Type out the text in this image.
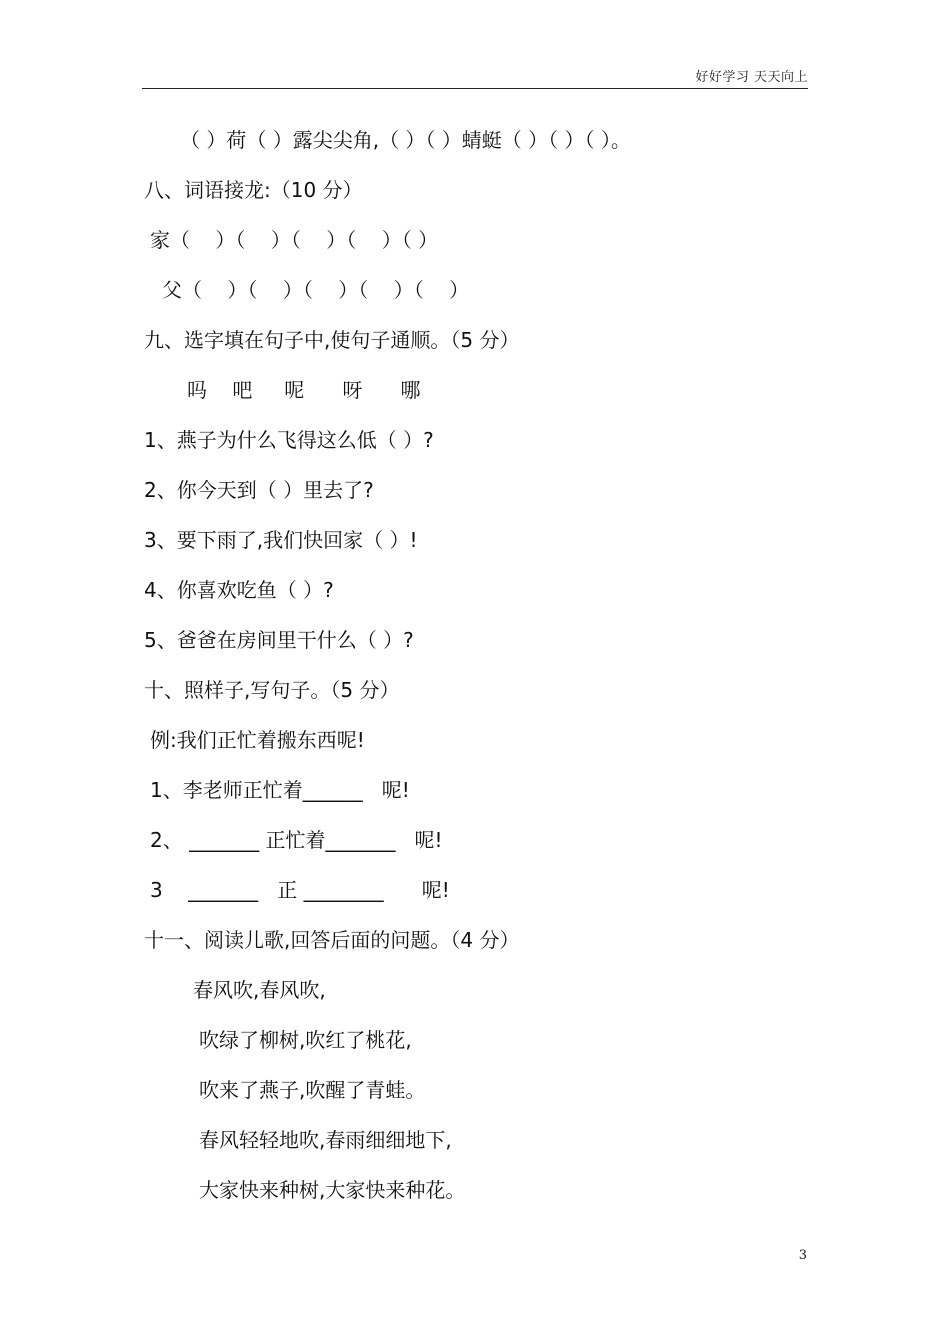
好好学习 天天向上
（ ）荷（ ）露尖尖角,（ ）（ ）蜻蜓（ ）（ ）（ ）。
八、词语接龙:（10 分）
家（    ）（    ）（    ）（    ）（ ）
父（    ）（    ）（    ）（    ）（    ）
九、选字填在句子中,使句子通顺。（5 分）
吗    吧     呢      呀      哪
1、燕子为什么飞得这么低（ ）?
2、你今天到（ ）里去了?
3、要下雨了,我们快回家（ ）!
4、你喜欢吃鱼（ ）?
5、爸爸在房间里干什么（ ）?
十、照样子,写句子。（5 分）
例:我们正忙着搬东西呢!
1、李老师正忙着______   呢!
2、 _______ 正忙着_______   呢!
3    _______   正 ________      呢!
十一、阅读儿歌,回答后面的问题。（4 分）
春风吹,春风吹,
吹绿了柳树,吹红了桃花,
吹来了燕子,吹醒了青蛙。
春风轻轻地吹,春雨细细地下,
大家快来种树,大家快来种花。
3
